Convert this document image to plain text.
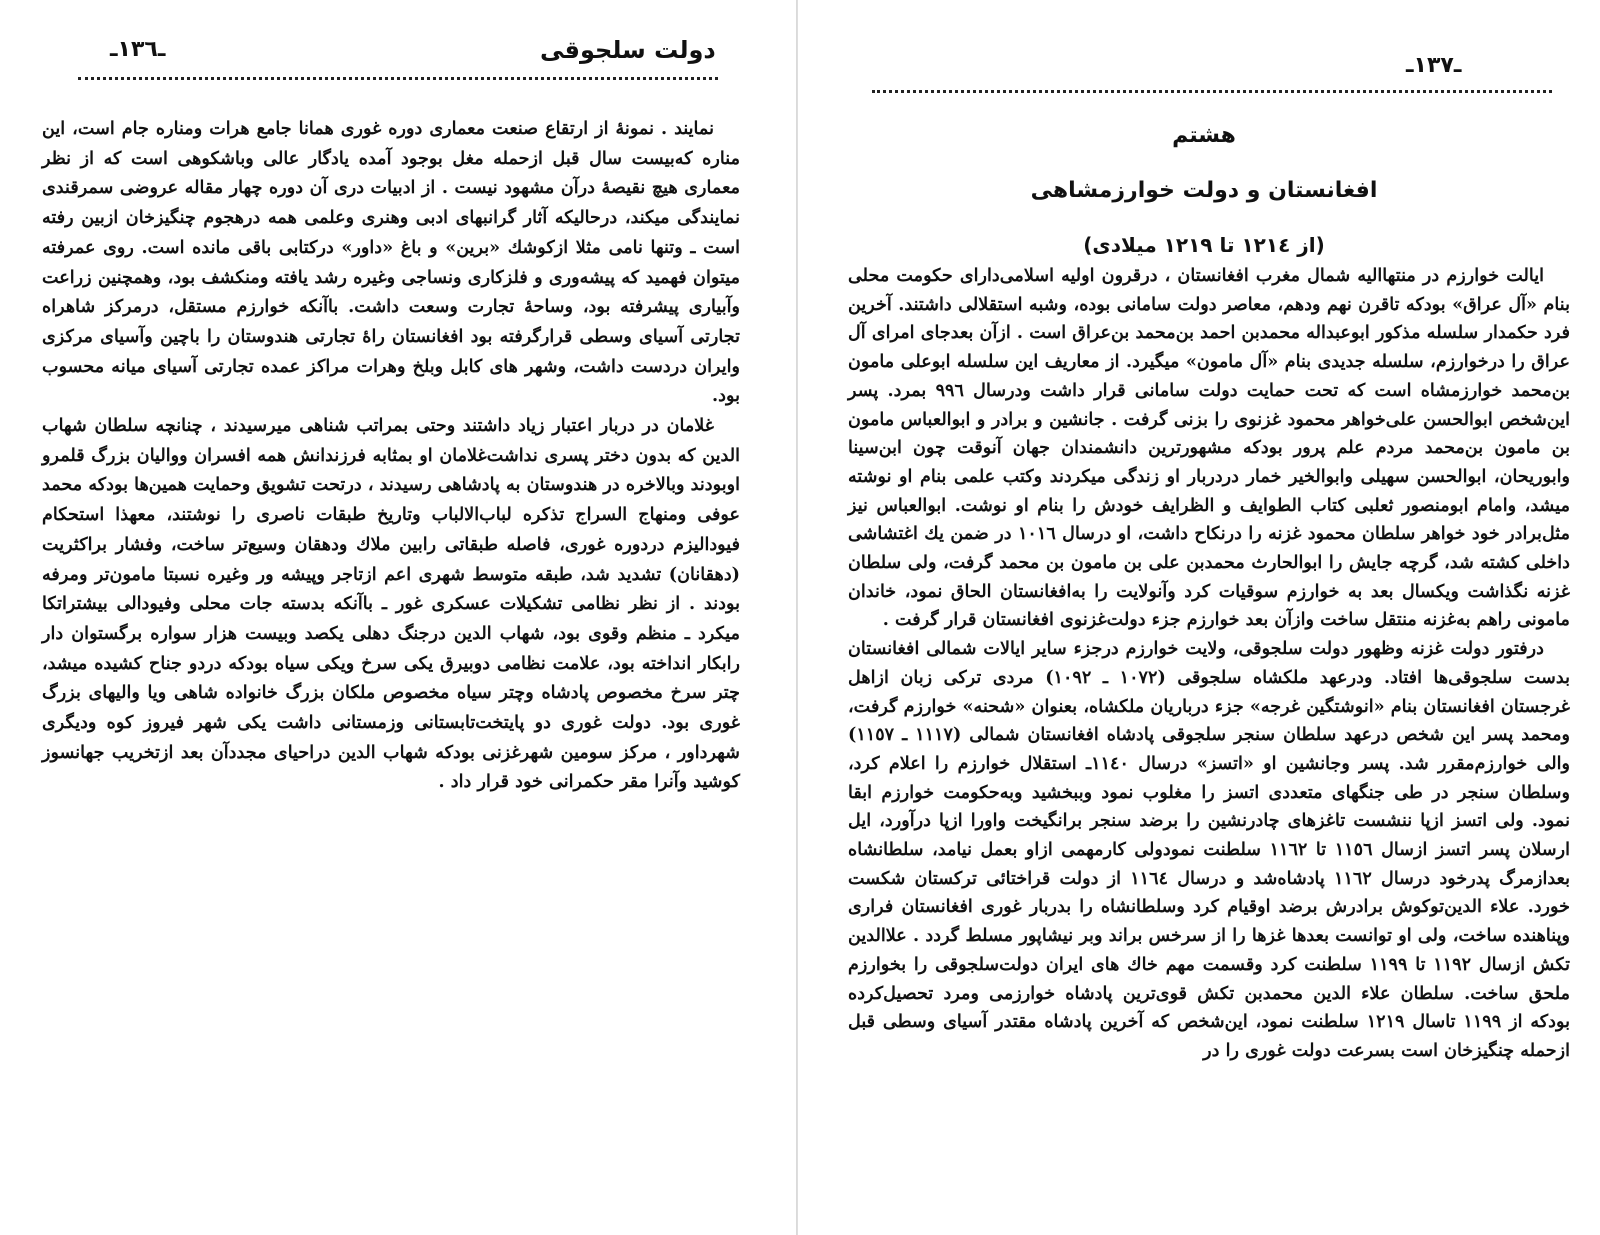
ـ١٣٦ـ	دولت سلجوقی

نمایند . نمونهٔ از ارتقاع صنعت معماری دوره غوری همانا جامع هرات ومناره جام است، این مناره که‌بیست سال قبل ازحمله مغل بوجود آمده یادگار عالی وباشکوهی است که از نظر معماری هیچ نقیصهٔ درآن مشهود نیست . از ادبیات دری آن دوره چهار مقاله عروضی سمرقندی نمایندگی میکند، درحالیکه آثار گرانبهای ادبی وهنری وعلمی همه درهجوم چنگیزخان ازبین رفته است ـ وتنها نامی مثلا ازکوشك «برین» و باغ «داور» درکتابی باقی مانده است. روی عمرفته میتوان فهمید که پیشه‌وری و فلزکاری ونساجی وغیره رشد یافته ومنکشف بود، وهمچنین زراعت وآبیاری پیشرفته بود، وساحهٔ تجارت وسعت داشت. باآنکه خوارزم مستقل، درمرکز شاهراه تجارتی آسیای وسطی قرارگرفته بود افغانستان راهٔ تجارتی هندوستان را باچین وآسیای مرکزی وایران دردست داشت، وشهر های کابل وبلخ وهرات مراکز عمده تجارتی آسیای میانه محسوب بود.

غلامان در دربار اعتبار زیاد داشتند وحتی بمراتب شناهی میرسیدند ، چنانچه سلطان شهاب الدین که بدون دختر پسری نداشت‌غلامان او بمثابه فرزندانش همه افسران ووالیان بزرگ قلمرو اوبودند وبالاخره در هندوستان به پادشاهی رسیدند ، درتحت تشویق وحمایت همین‌ها بودکه محمد عوفی ومنهاج السراج تذکره لباب‌الالباب وتاریخ طبقات ناصری را نوشتند، معهذا استحکام فیودالیزم دردوره غوری، فاصله طبقاتی رابین ملاك ودهقان وسیع‌تر ساخت، وفشار براکثریت (دهقانان) تشدید شد، طبقه متوسط شهری اعم ازتاجر وپیشه ور وغیره نسبتا مامون‌تر ومرفه بودند . از نظر نظامی تشکیلات عسکری غور ـ باآنکه بدسته جات محلی وفیودالی بیشتراتکا میکرد ـ منظم وقوی بود، شهاب الدین درجنگ دهلی یکصد وبیست هزار سواره برگستوان دار رابکار انداخته بود، علامت نظامی دوبیرق یکی سرخ ویکی سیاه بودکه دردو جناح کشیده میشد، چتر سرخ مخصوص پادشاه وچتر سیاه مخصوص ملکان بزرگ خانواده شاهی ویا والیهای بزرگ غوری بود. دولت غوری دو پایتخت‌تابستانی وزمستانی داشت یکی شهر فیروز کوه ودیگری شهرداور ، مرکز سومین شهرغزنی بودکه شهاب الدین دراحیای مجددآن بعد ازتخریب جهانسوز کوشید وآنرا مقر حکمرانی خود قرار داد .

ـ١٣٧ـ
هشتم
افغانستان و دولت خوارزمشاهی
(از ١٢١٤ تا ١٢١٩ میلادی)

ایالت خوارزم در منتهاالیه شمال مغرب افغانستان ، درقرون اولیه اسلامی‌دارای حکومت محلی بنام «آل عراق» بودکه تاقرن نهم ودهم، معاصر دولت سامانی بوده، وشبه استقلالی داشتند. آخرین فرد حکمدار سلسله مذکور ابوعبداله محمدبن احمد بن‌محمد بن‌عراق است . ازآن بعدجای امرای آل عراق را درخوارزم، سلسله جدیدی بنام «آل مامون» میگیرد. از معاریف این سلسله ابوعلی مامون بن‌محمد خوارزمشاه است که تحت حمایت دولت سامانی قرار داشت ودرسال ٩٩٦ بمرد. پسر این‌شخص ابوالحسن علی‌خواهر محمود غزنوی را بزنی گرفت . جانشین و برادر و ابوالعباس مامون بن مامون بن‌محمد مردم علم پرور بودکه مشهورترین دانشمندان جهان آنوقت چون ابن‌سینا وابوریحان، ابوالحسن سهیلی وابوالخیر خمار دردربار او زندگی میکردند وکتب علمی بنام او نوشته میشد، وامام ابومنصور ثعلبی کتاب الطوایف و الظرایف خودش را بنام او نوشت. ابوالعباس نیز مثل‌برادر خود خواهر سلطان محمود غزنه را درنکاح داشت، او درسال ١٠١٦ در ضمن یك اغتشاشی داخلی کشته شد، گرچه جایش را ابوالحارث محمدبن علی بن مامون بن محمد گرفت، ولی سلطان غزنه نگذاشت ویکسال بعد به خوارزم سوقیات کرد وآنولایت را به‌افغانستان الحاق نمود، خاندان مامونی راهم به‌غزنه منتقل ساخت وازآن بعد خوارزم جزء دولت‌غزنوی افغانستان قرار گرفت .

درفتور دولت غزنه وظهور دولت سلجوقی، ولایت خوارزم درجزء سایر ایالات شمالی افغانستان بدست سلجوقی‌ها افتاد. ودرعهد ملکشاه سلجوقی (١٠٧٢ ـ ١٠٩٢) مردی ترکی زبان ازاهل غرجستان افغانستان بنام «انوشتگین غرجه» جزء درباریان ملکشاه، بعنوان «شحنه» خوارزم گرفت، ومحمد پسر این شخص درعهد سلطان سنجر سلجوقی پادشاه افغانستان شمالی (١١١٧ ـ ١١٥٧) والی خوارزم‌مقرر شد. پسر وجانشین او «اتسز» درسال ١١٤٠ـ استقلال خوارزم را اعلام کرد، وسلطان سنجر در طی جنگهای متعددی اتسز را مغلوب نمود وببخشید وبه‌حکومت خوارزم ابقا نمود. ولی اتسز ازپا ننشست تاغزهای چادرنشین را برضد سنجر برانگیخت واورا ازپا درآورد، ایل ارسلان پسر اتسز ازسال ١١٥٦ تا ١١٦٢ سلطنت نمودولی کارمهمی ازاو بعمل نیامد، سلطانشاه بعدازمرگ پدرخود درسال ١١٦٢ پادشاه‌شد و درسال ١١٦٤ از دولت قراختائی ترکستان شکست خورد. علاء الدین‌توکوش برادرش برضد اوقیام کرد وسلطانشاه را بدربار غوری افغانستان فراری وپناهنده ساخت، ولی او توانست بعدها غزها را از سرخس براند وبر نیشاپور مسلط گردد . علاالدین تکش ازسال ١١٩٢ تا ١١٩٩ سلطنت کرد وقسمت مهم خاك های ایران دولت‌سلجوقی را بخوارزم ملحق ساخت. سلطان علاء الدین محمدبن تکش قوی‌ترین پادشاه خوارزمی ومرد تحصیل‌کرده بودکه از ١١٩٩ تاسال ١٢١٩ سلطنت نمود، این‌شخص که آخرین پادشاه مقتدر آسیای وسطی قبل ازحمله چنگیزخان است بسرعت دولت غوری را در
